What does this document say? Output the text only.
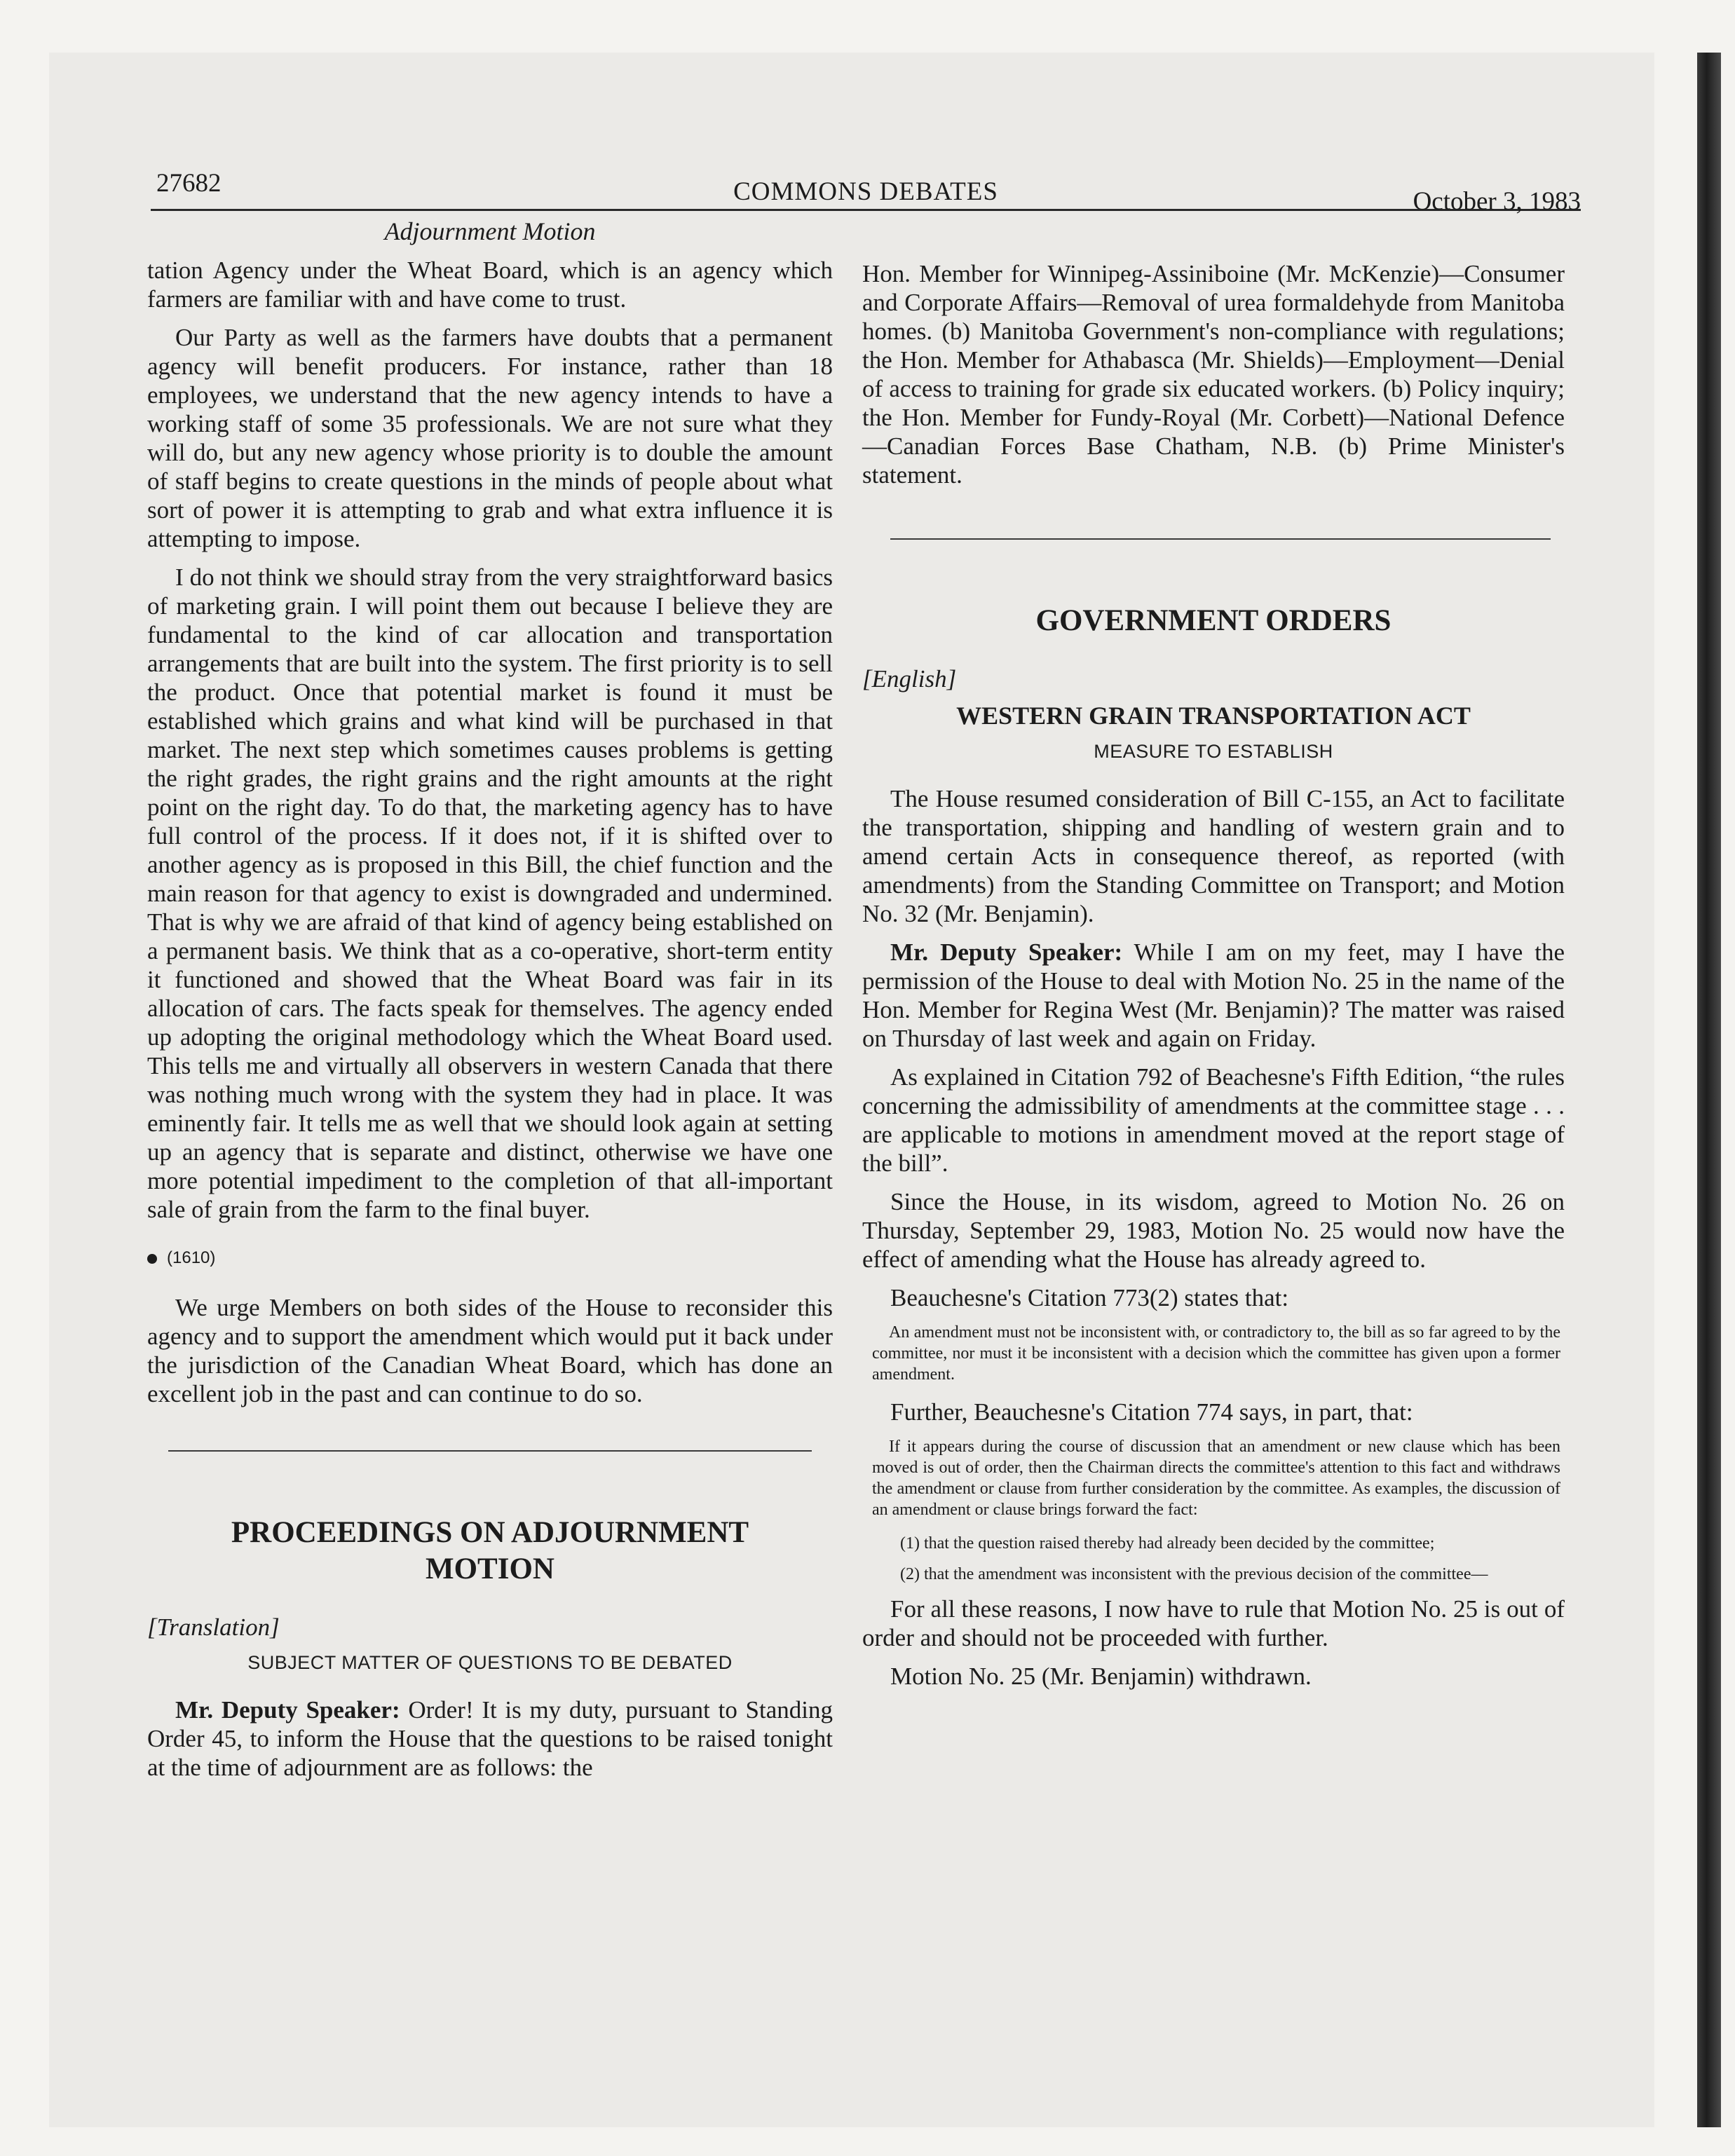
27682	COMMONS DEBATES	October 3, 1983
Adjournment Motion

tation Agency under the Wheat Board, which is an agency which farmers are familiar with and have come to trust.

Our Party as well as the farmers have doubts that a permanent agency will benefit producers. For instance, rather than 18 employees, we understand that the new agency intends to have a working staff of some 35 professionals. We are not sure what they will do, but any new agency whose priority is to double the amount of staff begins to create questions in the minds of people about what sort of power it is attempting to grab and what extra influence it is attempting to impose.

I do not think we should stray from the very straightforward basics of marketing grain. I will point them out because I believe they are fundamental to the kind of car allocation and transportation arrangements that are built into the system. The first priority is to sell the product. Once that potential market is found it must be established which grains and what kind will be purchased in that market. The next step which sometimes causes problems is getting the right grades, the right grains and the right amounts at the right point on the right day. To do that, the marketing agency has to have full control of the process. If it does not, if it is shifted over to another agency as is proposed in this Bill, the chief function and the main reason for that agency to exist is downgraded and undermined. That is why we are afraid of that kind of agency being established on a permanent basis. We think that as a co-operative, short-term entity it functioned and showed that the Wheat Board was fair in its allocation of cars. The facts speak for themselves. The agency ended up adopting the original methodology which the Wheat Board used. This tells me and virtually all observers in western Canada that there was nothing much wrong with the system they had in place. It was eminently fair. It tells me as well that we should look again at setting up an agency that is separate and distinct, otherwise we have one more potential impediment to the completion of that all-important sale of grain from the farm to the final buyer.

(1610)

We urge Members on both sides of the House to reconsider this agency and to support the amendment which would put it back under the jurisdiction of the Canadian Wheat Board, which has done an excellent job in the past and can continue to do so.

PROCEEDINGS ON ADJOURNMENT MOTION
[Translation]
SUBJECT MATTER OF QUESTIONS TO BE DEBATED

Mr. Deputy Speaker: Order! It is my duty, pursuant to Standing Order 45, to inform the House that the questions to be raised tonight at the time of adjournment are as follows: the

Hon. Member for Winnipeg-Assiniboine (Mr. McKenzie)—Consumer and Corporate Affairs—Removal of urea formaldehyde from Manitoba homes. (b) Manitoba Government's non-compliance with regulations; the Hon. Member for Athabasca (Mr. Shields)—Employment—Denial of access to training for grade six educated workers. (b) Policy inquiry; the Hon. Member for Fundy-Royal (Mr. Corbett)—National Defence—Canadian Forces Base Chatham, N.B. (b) Prime Minister's statement.

GOVERNMENT ORDERS
[English]
WESTERN GRAIN TRANSPORTATION ACT
MEASURE TO ESTABLISH

The House resumed consideration of Bill C-155, an Act to facilitate the transportation, shipping and handling of western grain and to amend certain Acts in consequence thereof, as reported (with amendments) from the Standing Committee on Transport; and Motion No. 32 (Mr. Benjamin).

Mr. Deputy Speaker: While I am on my feet, may I have the permission of the House to deal with Motion No. 25 in the name of the Hon. Member for Regina West (Mr. Benjamin)? The matter was raised on Thursday of last week and again on Friday.

As explained in Citation 792 of Beachesne's Fifth Edition, “the rules concerning the admissibility of amendments at the committee stage . . . are applicable to motions in amendment moved at the report stage of the bill”.

Since the House, in its wisdom, agreed to Motion No. 26 on Thursday, September 29, 1983, Motion No. 25 would now have the effect of amending what the House has already agreed to.

Beauchesne's Citation 773(2) states that:

An amendment must not be inconsistent with, or contradictory to, the bill as so far agreed to by the committee, nor must it be inconsistent with a decision which the committee has given upon a former amendment.

Further, Beauchesne's Citation 774 says, in part, that:

If it appears during the course of discussion that an amendment or new clause which has been moved is out of order, then the Chairman directs the committee's attention to this fact and withdraws the amendment or clause from further consideration by the committee. As examples, the discussion of an amendment or clause brings forward the fact:
(1) that the question raised thereby had already been decided by the committee;
(2) that the amendment was inconsistent with the previous decision of the committee—

For all these reasons, I now have to rule that Motion No. 25 is out of order and should not be proceeded with further.

Motion No. 25 (Mr. Benjamin) withdrawn.
